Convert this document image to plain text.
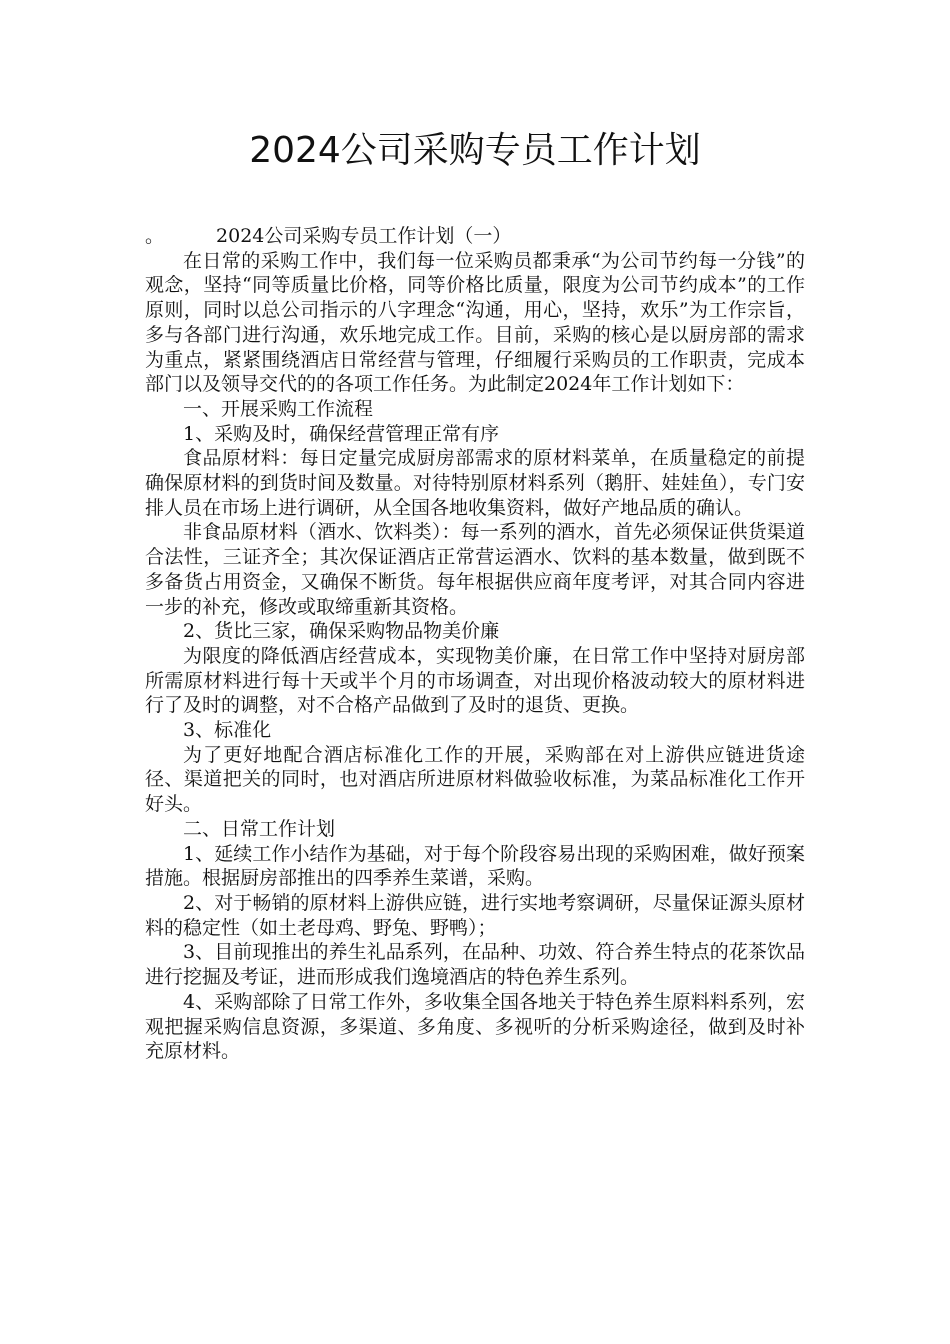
2024公司采购专员工作计划

。	2024公司采购专员工作计划（一）

在日常的采购工作中，我们每一位采购员都秉承“为公司节约每一分钱”的观念，坚持“同等质量比价格，同等价格比质量，限度为公司节约成本”的工作原则，同时以总公司指示的八字理念“沟通，用心，坚持，欢乐”为工作宗旨，多与各部门进行沟通，欢乐地完成工作。目前，采购的核心是以厨房部的需求为重点，紧紧围绕酒店日常经营与管理，仔细履行采购员的工作职责，完成本部门以及领导交代的的各项工作任务。为此制定2024年工作计划如下：

一、开展采购工作流程

1、采购及时，确保经营管理正常有序

食品原材料：每日定量完成厨房部需求的原材料菜单，在质量稳定的前提确保原材料的到货时间及数量。对待特别原材料系列（鹅肝、娃娃鱼），专门安排人员在市场上进行调研，从全国各地收集资料，做好产地品质的确认。

非食品原材料（酒水、饮料类）：每一系列的酒水，首先必须保证供货渠道合法性，三证齐全；其次保证酒店正常营运酒水、饮料的基本数量，做到既不多备货占用资金，又确保不断货。每年根据供应商年度考评，对其合同内容进一步的补充，修改或取缔重新其资格。

2、货比三家，确保采购物品物美价廉

为限度的降低酒店经营成本，实现物美价廉，在日常工作中坚持对厨房部所需原材料进行每十天或半个月的市场调查，对出现价格波动较大的原材料进行了及时的调整，对不合格产品做到了及时的退货、更换。

3、标准化

为了更好地配合酒店标准化工作的开展，采购部在对上游供应链进货途径、渠道把关的同时，也对酒店所进原材料做验收标准，为菜品标准化工作开好头。

二、日常工作计划

1、延续工作小结作为基础，对于每个阶段容易出现的采购困难，做好预案措施。根据厨房部推出的四季养生菜谱，采购。

2、对于畅销的原材料上游供应链，进行实地考察调研，尽量保证源头原材料的稳定性（如土老母鸡、野兔、野鸭）；

3、目前现推出的养生礼品系列，在品种、功效、符合养生特点的花茶饮品进行挖掘及考证，进而形成我们逸境酒店的特色养生系列。

4、采购部除了日常工作外，多收集全国各地关于特色养生原料料系列，宏观把握采购信息资源，多渠道、多角度、多视听的分析采购途径，做到及时补充原材料。
